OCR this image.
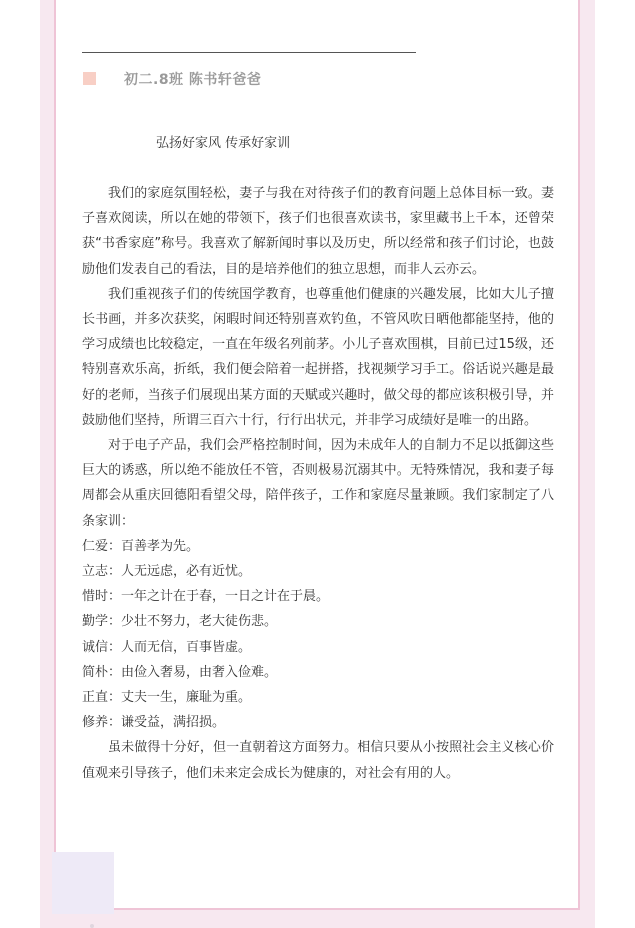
初二.8班 陈书轩爸爸
弘扬好家风 传承好家训

我们的家庭氛围轻松，妻子与我在对待孩子们的教育问题上总体目标一致。妻子喜欢阅读，所以在她的带领下，孩子们也很喜欢读书，家里藏书上千本，还曾荣获“书香家庭”称号。我喜欢了解新闻时事以及历史，所以经常和孩子们讨论，也鼓励他们发表自己的看法，目的是培养他们的独立思想，而非人云亦云。

我们重视孩子们的传统国学教育，也尊重他们健康的兴趣发展，比如大儿子擅长书画，并多次获奖，闲暇时间还特别喜欢钓鱼，不管风吹日晒他都能坚持，他的学习成绩也比较稳定，一直在年级名列前茅。小儿子喜欢围棋，目前已过15级，还特别喜欢乐高，折纸，我们便会陪着一起拼搭，找视频学习手工。俗话说兴趣是最好的老师，当孩子们展现出某方面的天赋或兴趣时，做父母的都应该积极引导，并鼓励他们坚持，所谓三百六十行，行行出状元，并非学习成绩好是唯一的出路。

对于电子产品，我们会严格控制时间，因为未成年人的自制力不足以抵御这些巨大的诱惑，所以绝不能放任不管，否则极易沉溺其中。无特殊情况，我和妻子每周都会从重庆回德阳看望父母，陪伴孩子，工作和家庭尽量兼顾。我们家制定了八条家训：

仁爱：百善孝为先。

立志：人无远虑，必有近忧。

惜时：一年之计在于春，一日之计在于晨。

勤学：少壮不努力，老大徒伤悲。

诚信：人而无信，百事皆虚。

简朴：由俭入奢易，由奢入俭难。

正直：丈夫一生，廉耻为重。

修养：谦受益，满招损。

虽未做得十分好，但一直朝着这方面努力。相信只要从小按照社会主义核心价值观来引导孩子，他们未来定会成长为健康的，对社会有用的人。
